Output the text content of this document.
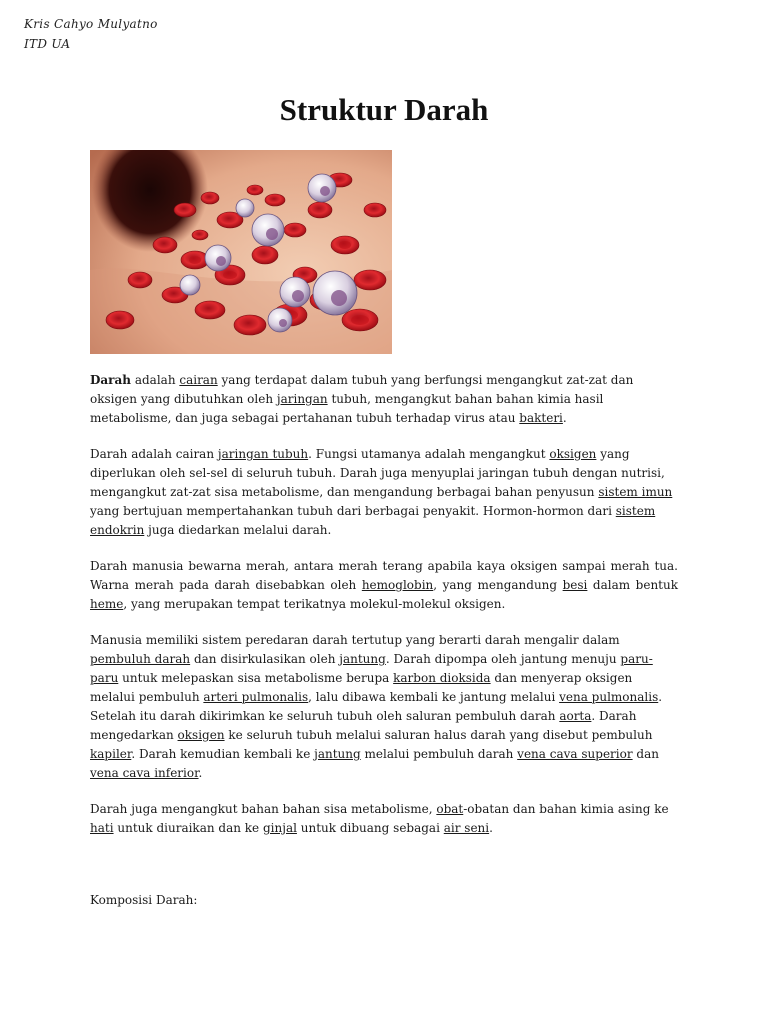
Kris Cahyo Mulyatno
ITD UA
Struktur Darah

Darah adalah cairan yang terdapat dalam tubuh yang berfungsi mengangkut zat-zat dan oksigen yang dibutuhkan oleh jaringan tubuh, mengangkut bahan bahan kimia hasil metabolisme, dan juga sebagai pertahanan tubuh terhadap virus atau bakteri.

Darah adalah cairan jaringan tubuh. Fungsi utamanya adalah mengangkut oksigen yang diperlukan oleh sel-sel di seluruh tubuh. Darah juga menyuplai jaringan tubuh dengan nutrisi, mengangkut zat-zat sisa metabolisme, dan mengandung berbagai bahan penyusun sistem imun yang bertujuan mempertahankan tubuh dari berbagai penyakit. Hormon-hormon dari sistem endokrin juga diedarkan melalui darah.

Darah manusia bewarna merah, antara merah terang apabila kaya oksigen sampai merah tua. Warna merah pada darah disebabkan oleh hemoglobin, yang mengandung besi dalam bentuk heme, yang merupakan tempat terikatnya molekul-molekul oksigen.

Manusia memiliki sistem peredaran darah tertutup yang berarti darah mengalir dalam pembuluh darah dan disirkulasikan oleh jantung. Darah dipompa oleh jantung menuju paru-paru untuk melepaskan sisa metabolisme berupa karbon dioksida dan menyerap oksigen melalui pembuluh arteri pulmonalis, lalu dibawa kembali ke jantung melalui vena pulmonalis. Setelah itu darah dikirimkan ke seluruh tubuh oleh saluran pembuluh darah aorta. Darah mengedarkan oksigen ke seluruh tubuh melalui saluran halus darah yang disebut pembuluh kapiler. Darah kemudian kembali ke jantung melalui pembuluh darah vena cava superior dan vena cava inferior.

Darah juga mengangkut bahan bahan sisa metabolisme, obat-obatan dan bahan kimia asing ke hati untuk diuraikan dan ke ginjal untuk dibuang sebagai air seni.

Komposisi Darah:
